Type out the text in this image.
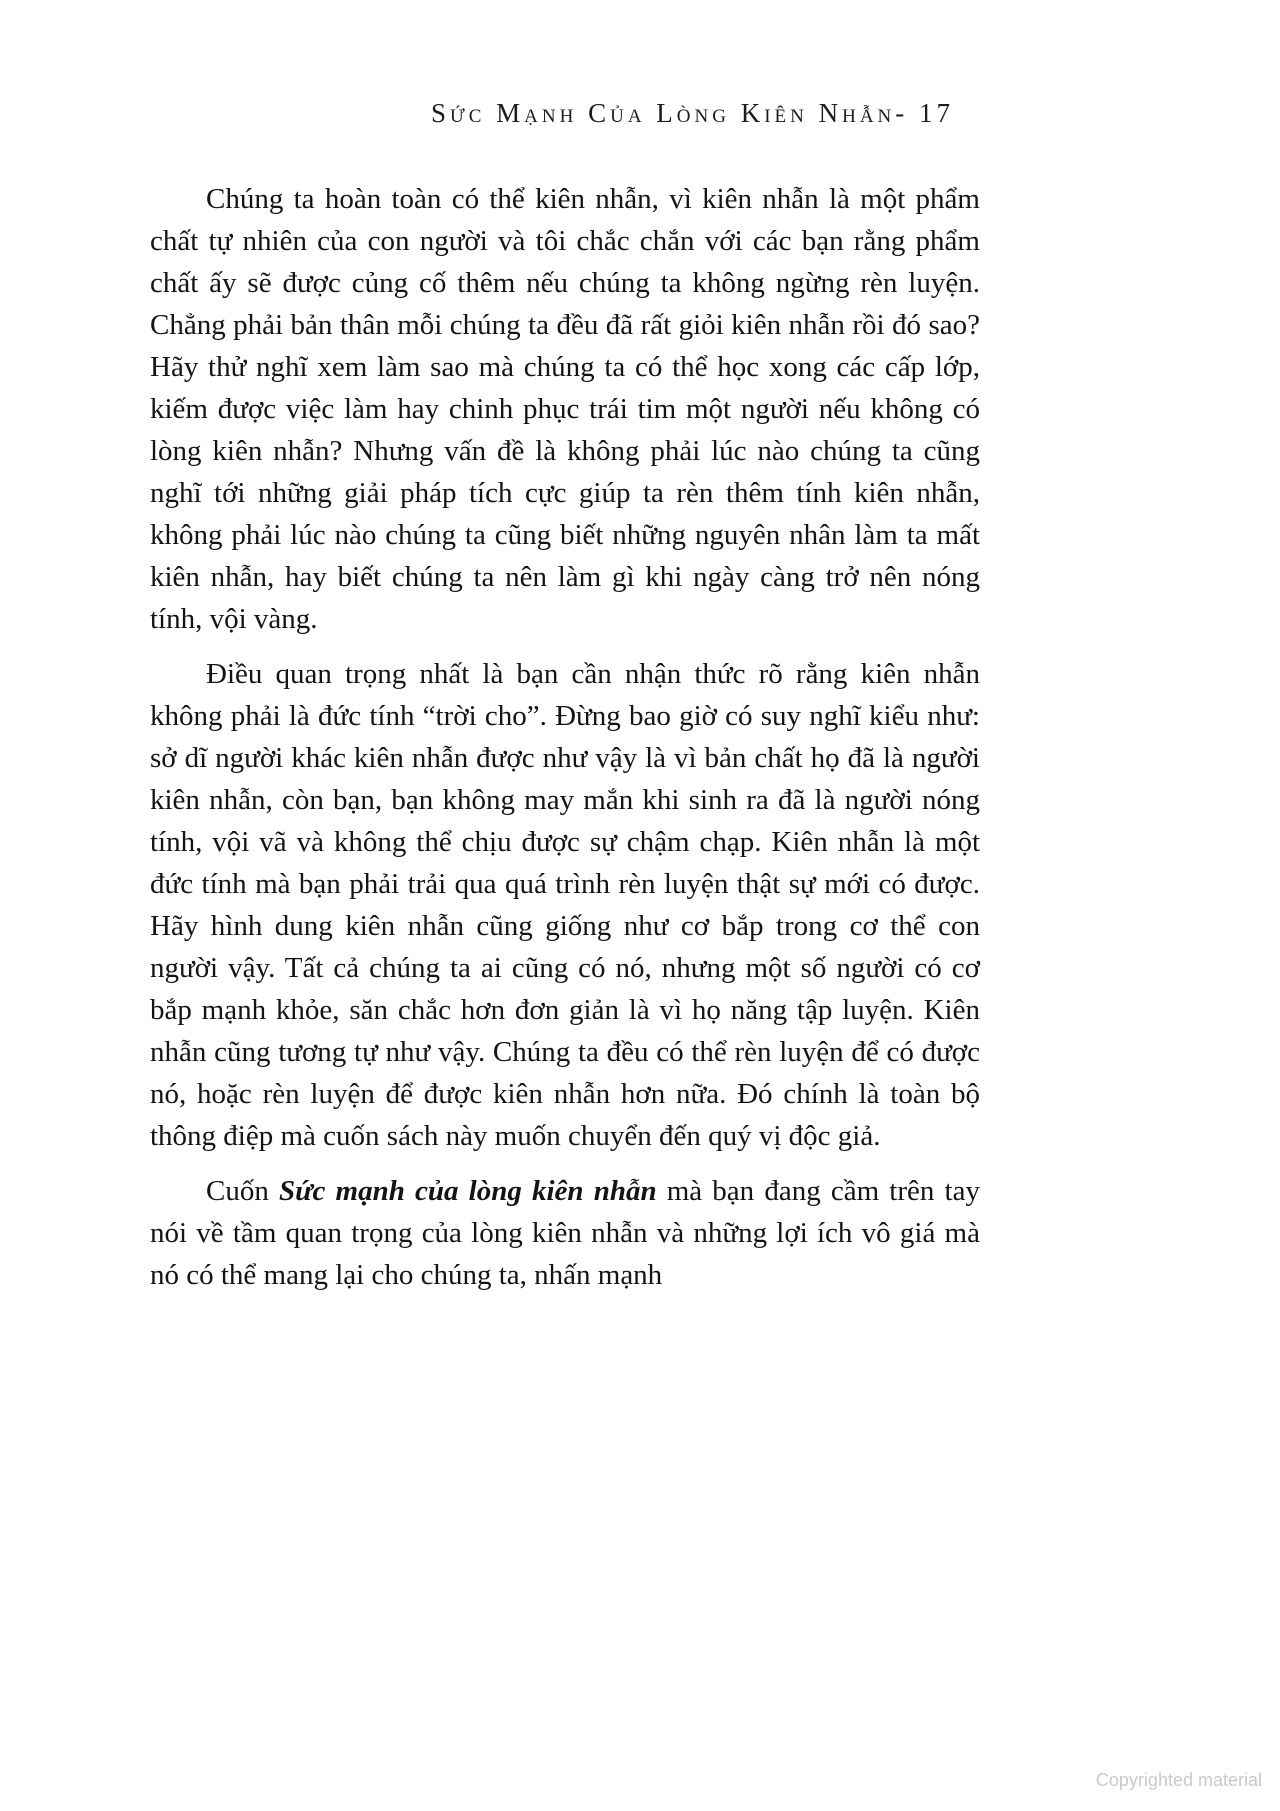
Sức Mạnh Của Lòng Kiên Nhẫn- 17

Chúng ta hoàn toàn có thể kiên nhẫn, vì kiên nhẫn là một phẩm chất tự nhiên của con người và tôi chắc chắn với các bạn rằng phẩm chất ấy sẽ được củng cố thêm nếu chúng ta không ngừng rèn luyện. Chẳng phải bản thân mỗi chúng ta đều đã rất giỏi kiên nhẫn rồi đó sao? Hãy thử nghĩ xem làm sao mà chúng ta có thể học xong các cấp lớp, kiếm được việc làm hay chinh phục trái tim một người nếu không có lòng kiên nhẫn? Nhưng vấn đề là không phải lúc nào chúng ta cũng nghĩ tới những giải pháp tích cực giúp ta rèn thêm tính kiên nhẫn, không phải lúc nào chúng ta cũng biết những nguyên nhân làm ta mất kiên nhẫn, hay biết chúng ta nên làm gì khi ngày càng trở nên nóng tính, vội vàng.

Điều quan trọng nhất là bạn cần nhận thức rõ rằng kiên nhẫn không phải là đức tính “trời cho”. Đừng bao giờ có suy nghĩ kiểu như: sở dĩ người khác kiên nhẫn được như vậy là vì bản chất họ đã là người kiên nhẫn, còn bạn, bạn không may mắn khi sinh ra đã là người nóng tính, vội vã và không thể chịu được sự chậm chạp. Kiên nhẫn là một đức tính mà bạn phải trải qua quá trình rèn luyện thật sự mới có được. Hãy hình dung kiên nhẫn cũng giống như cơ bắp trong cơ thể con người vậy. Tất cả chúng ta ai cũng có nó, nhưng một số người có cơ bắp mạnh khỏe, săn chắc hơn đơn giản là vì họ năng tập luyện. Kiên nhẫn cũng tương tự như vậy. Chúng ta đều có thể rèn luyện để có được nó, hoặc rèn luyện để được kiên nhẫn hơn nữa. Đó chính là toàn bộ thông điệp mà cuốn sách này muốn chuyển đến quý vị độc giả.

Cuốn Sức mạnh của lòng kiên nhẫn mà bạn đang cầm trên tay nói về tầm quan trọng của lòng kiên nhẫn và những lợi ích vô giá mà nó có thể mang lại cho chúng ta, nhấn mạnh

Copyrighted material
